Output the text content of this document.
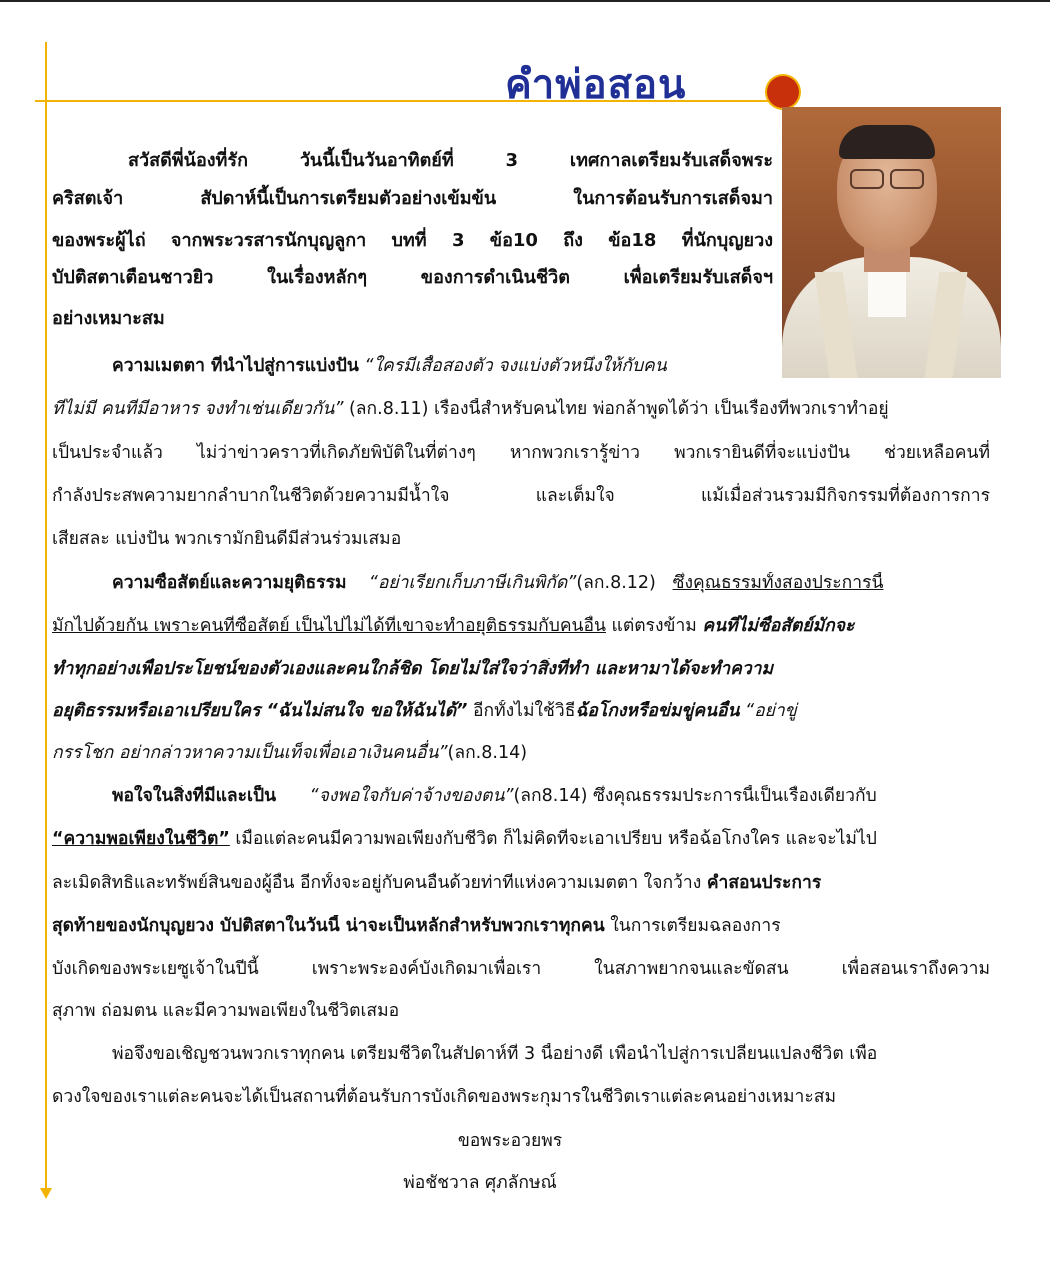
คำพ่อสอน
สวัสดีพี่น้องที่รัก วันนี้เป็นวันอาทิตย์ที่ 3 เทศกาลเตรียมรับเสด็จพระ
คริสตเจ้า สัปดาห์นี้เป็นการเตรียมตัวอย่างเข้มข้น ในการต้อนรับการเสด็จมา
ของพระผู้ไถ่ จากพระวรสารนักบุญลูกา บทที่ 3 ข้อ10 ถึง ข้อ18 ที่นักบุญยวง
บัปติสตาเตือนชาวยิว ในเรื่องหลักๆ ของการดำเนินชีวิต เพื่อเตรียมรับเสด็จฯ
อย่างเหมาะสม
ความเมตตา ที่นำไปสู่การแบ่งปัน “ใครมีเสื้อสองตัว จงแบ่งตัวหนึ่งให้กับคน
ที่ไม่มี คนที่มีอาหาร จงทำเช่นเดียวกัน” (ลก.8.11) เรื่องนี้สำหรับคนไทย พ่อกล้าพูดได้ว่า เป็นเรื่องที่พวกเราทำอยู่
เป็นประจำแล้ว ไม่ว่าข่าวคราวที่เกิดภัยพิบัติในที่ต่างๆ หากพวกเรารู้ข่าว พวกเรายินดีที่จะแบ่งปัน ช่วยเหลือคนที่
กำลังประสพความยากลำบากในชีวิตด้วยความมีน้ำใจ และเต็มใจ แม้เมื่อส่วนรวมมีกิจกรรมที่ต้องการการ
เสียสละ แบ่งปัน พวกเรามักยินดีมีส่วนร่วมเสมอ
ความซื่อสัตย์และความยุติธรรม “อย่าเรียกเก็บภาษีเกินพิกัด”(ลก.8.12) ซึ่งคุณธรรมทั้งสองประการนี้
มักไปด้วยกัน เพราะคนที่ซื่อสัตย์ เป็นไปไม่ได้ที่เขาจะทำอยุติธรรมกับคนอื่น แต่ตรงข้าม คนที่ไม่ซื่อสัตย์มักจะ
ทำทุกอย่างเพื่อประโยชน์ของตัวเองและคนใกล้ชิด โดยไม่ใส่ใจว่าสิ่งที่ทำ และหามาได้จะทำความ
อยุติธรรมหรือเอาเปรียบใคร “ฉันไม่สนใจ ขอให้ฉันได้” อีกทั้งไม่ใช้วิธีฉ้อโกงหรือข่มขู่คนอื่น “อย่าขู่
กรรโชก อย่ากล่าวหาความเป็นเท็จเพื่อเอาเงินคนอื่น”(ลก.8.14)
พอใจในสิ่งที่มีและเป็น “จงพอใจกับค่าจ้างของตน”(ลก8.14) ซึ่งคุณธรรมประการนี้เป็นเรื่องเดียวกับ
“ความพอเพียงในชีวิต” เมื่อแต่ละคนมีความพอเพียงกับชีวิต ก็ไม่คิดที่จะเอาเปรียบ หรือฉ้อโกงใคร และจะไม่ไป
ละเมิดสิทธิและทรัพย์สินของผู้อื่น อีกทั้งจะอยู่กับคนอื่นด้วยท่าทีแห่งความเมตตา ใจกว้าง คำสอนประการ
สุดท้ายของนักบุญยวง บัปติสตาในวันนี้ น่าจะเป็นหลักสำหรับพวกเราทุกคน ในการเตรียมฉลองการ
บังเกิดของพระเยซูเจ้าในปีนี้ เพราะพระองค์บังเกิดมาเพื่อเรา ในสภาพยากจนและขัดสน เพื่อสอนเราถึงความ
สุภาพ ถ่อมตน และมีความพอเพียงในชีวิตเสมอ
พ่อจึงขอเชิญชวนพวกเราทุกคน เตรียมชีวิตในสัปดาห์ที่ 3 นี้อย่างดี เพื่อนำไปสู่การเปลี่ยนแปลงชีวิต เพื่อ
ดวงใจของเราแต่ละคนจะได้เป็นสถานที่ต้อนรับการบังเกิดของพระกุมารในชีวิตเราแต่ละคนอย่างเหมาะสม
ขอพระอวยพร
พ่อชัชวาล ศุภลักษณ์
